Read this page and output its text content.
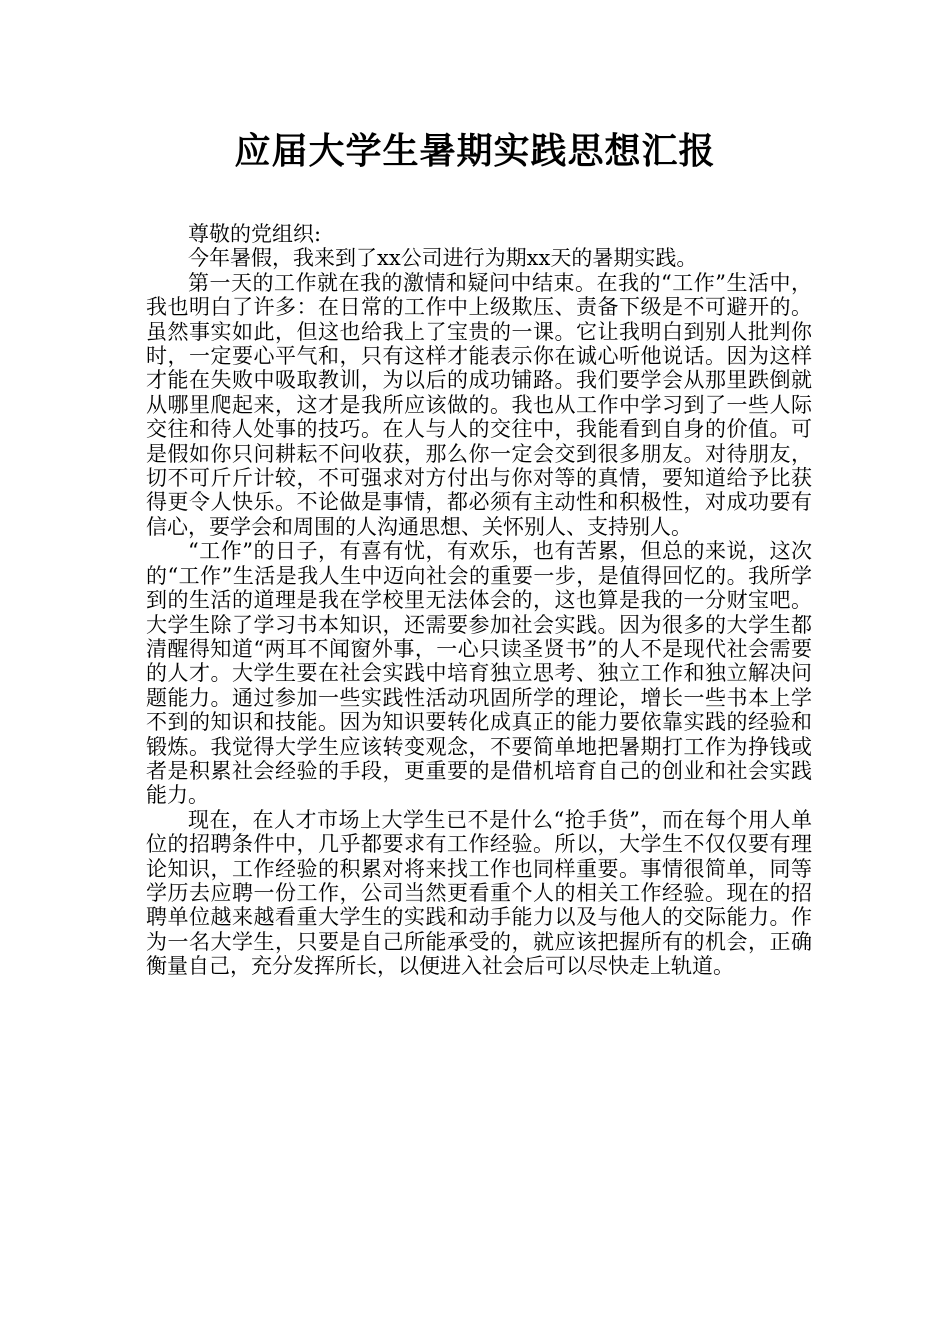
应届大学生暑期实践思想汇报

尊敬的党组织:

今年暑假，我来到了xx公司进行为期xx天的暑期实践。

第一天的工作就在我的激情和疑问中结束。在我的“工作”生活中，我也明白了许多：在日常的工作中上级欺压、责备下级是不可避开的。虽然事实如此，但这也给我上了宝贵的一课。它让我明白到别人批判你时，一定要心平气和，只有这样才能表示你在诚心听他说话。因为这样才能在失败中吸取教训，为以后的成功铺路。我们要学会从那里跌倒就从哪里爬起来，这才是我所应该做的。我也从工作中学习到了一些人际交往和待人处事的技巧。在人与人的交往中，我能看到自身的价值。可是假如你只问耕耘不问收获，那么你一定会交到很多朋友。对待朋友，切不可斤斤计较，不可强求对方付出与你对等的真情，要知道给予比获得更令人快乐。不论做是事情，都必须有主动性和积极性，对成功要有信心，要学会和周围的人沟通思想、关怀别人、支持别人。

“工作”的日子，有喜有忧，有欢乐，也有苦累，但总的来说，这次的“工作”生活是我人生中迈向社会的重要一步，是值得回忆的。我所学到的生活的道理是我在学校里无法体会的，这也算是我的一分财宝吧。大学生除了学习书本知识，还需要参加社会实践。因为很多的大学生都清醒得知道“两耳不闻窗外事，一心只读圣贤书”的人不是现代社会需要的人才。大学生要在社会实践中培育独立思考、独立工作和独立解决问题能力。通过参加一些实践性活动巩固所学的理论，增长一些书本上学不到的知识和技能。因为知识要转化成真正的能力要依靠实践的经验和锻炼。我觉得大学生应该转变观念，不要简单地把暑期打工作为挣钱或者是积累社会经验的手段，更重要的是借机培育自己的创业和社会实践能力。

现在，在人才市场上大学生已不是什么“抢手货”，而在每个用人单位的招聘条件中，几乎都要求有工作经验。所以，大学生不仅仅要有理论知识，工作经验的积累对将来找工作也同样重要。事情很简单，同等学历去应聘一份工作，公司当然更看重个人的相关工作经验。现在的招聘单位越来越看重大学生的实践和动手能力以及与他人的交际能力。作为一名大学生，只要是自己所能承受的，就应该把握所有的机会，正确衡量自己，充分发挥所长，以便进入社会后可以尽快走上轨道。
